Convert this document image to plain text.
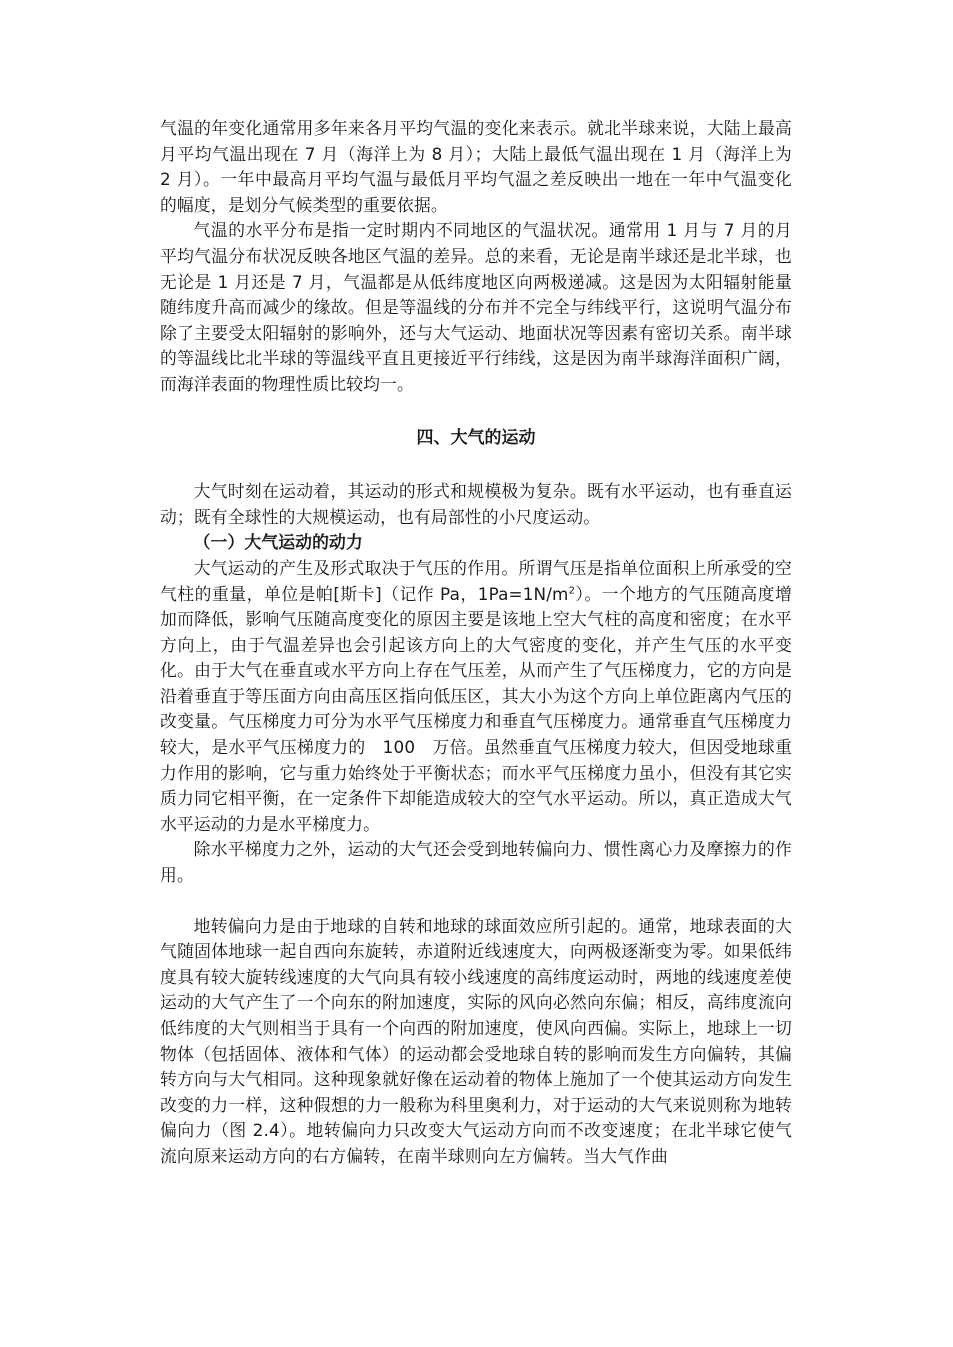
气温的年变化通常用多年来各月平均气温的变化来表示。就北半球来说，大陆上最高月平均气温出现在 7 月（海洋上为 8 月）；大陆上最低气温出现在 1 月（海洋上为 2 月）。一年中最高月平均气温与最低月平均气温之差反映出一地在一年中气温变化的幅度，是划分气候类型的重要依据。

气温的水平分布是指一定时期内不同地区的气温状况。通常用 1 月与 7 月的月平均气温分布状况反映各地区气温的差异。总的来看，无论是南半球还是北半球，也无论是 1 月还是 7 月，气温都是从低纬度地区向两极递减。这是因为太阳辐射能量随纬度升高而减少的缘故。但是等温线的分布并不完全与纬线平行，这说明气温分布除了主要受太阳辐射的影响外，还与大气运动、地面状况等因素有密切关系。南半球的等温线比北半球的等温线平直且更接近平行纬线，这是因为南半球海洋面积广阔，而海洋表面的物理性质比较均一。

四、大气的运动

大气时刻在运动着，其运动的形式和规模极为复杂。既有水平运动，也有垂直运动；既有全球性的大规模运动，也有局部性的小尺度运动。

（一）大气运动的动力

大气运动的产生及形式取决于气压的作用。所谓气压是指单位面积上所承受的空气柱的重量，单位是帕[斯卡]（记作 Pa，$1Pa=1N/m^2$）。一个地方的气压随高度增加而降低，影响气压随高度变化的原因主要是该地上空大气柱的高度和密度；在水平方向上，由于气温差异也会引起该方向上的大气密度的变化，并产生气压的水平变化。由于大气在垂直或水平方向上存在气压差，从而产生了气压梯度力，它的方向是沿着垂直于等压面方向由高压区指向低压区，其大小为这个方向上单位距离内气压的改变量。气压梯度力可分为水平气压梯度力和垂直气压梯度力。通常垂直气压梯度力较大，是水平气压梯度力的　100　万倍。虽然垂直气压梯度力较大，但因受地球重力作用的影响，它与重力始终处于平衡状态；而水平气压梯度力虽小，但没有其它实质力同它相平衡，在一定条件下却能造成较大的空气水平运动。所以，真正造成大气水平运动的力是水平梯度力。

除水平梯度力之外，运动的大气还会受到地转偏向力、惯性离心力及摩擦力的作用。

地转偏向力是由于地球的自转和地球的球面效应所引起的。通常，地球表面的大气随固体地球一起自西向东旋转，赤道附近线速度大，向两极逐渐变为零。如果低纬度具有较大旋转线速度的大气向具有较小线速度的高纬度运动时，两地的线速度差使运动的大气产生了一个向东的附加速度，实际的风向必然向东偏；相反，高纬度流向低纬度的大气则相当于具有一个向西的附加速度，使风向西偏。实际上，地球上一切物体（包括固体、液体和气体）的运动都会受地球自转的影响而发生方向偏转，其偏转方向与大气相同。这种现象就好像在运动着的物体上施加了一个使其运动方向发生改变的力一样，这种假想的力一般称为科里奥利力，对于运动的大气来说则称为地转偏向力（图 2.4）。地转偏向力只改变大气运动方向而不改变速度；在北半球它使气流向原来运动方向的右方偏转，在南半球则向左方偏转。当大气作曲
